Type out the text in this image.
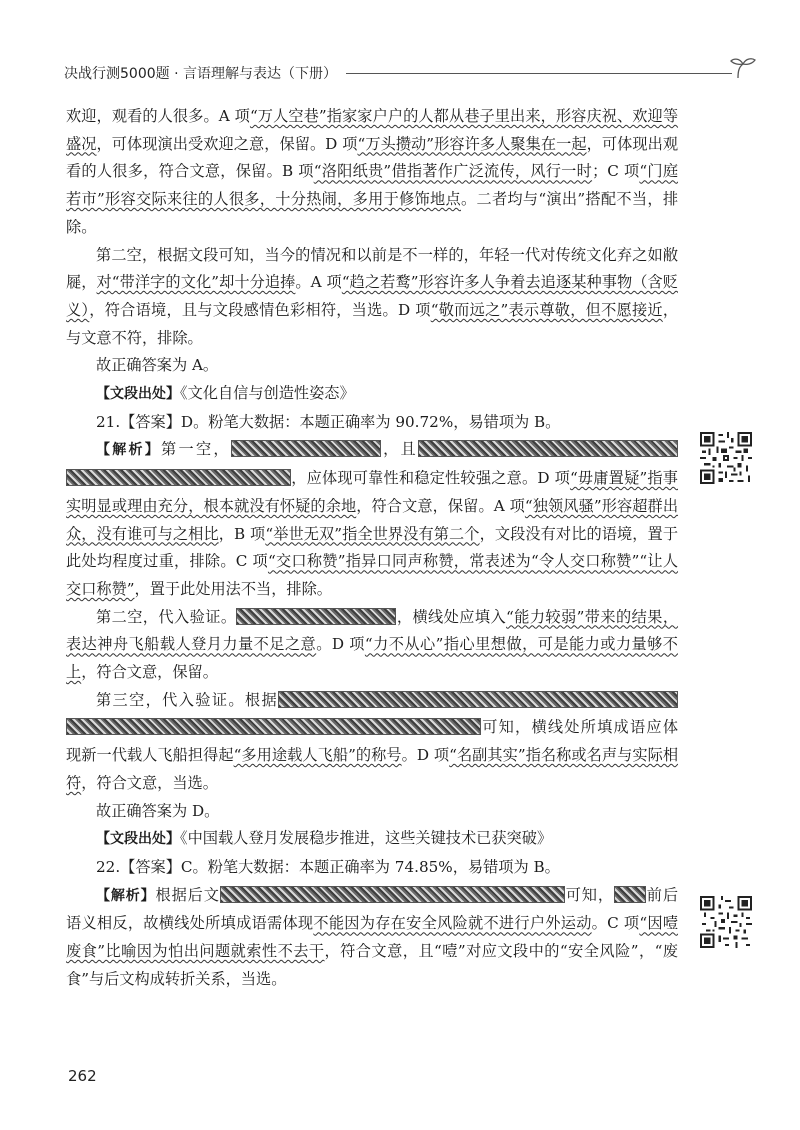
决战行测5000题 · 言语理解与表达（下册）

欢迎，观看的人很多。A 项“万人空巷”指家家户户的人都从巷子里出来，形容庆祝、欢迎等盛况，可体现演出受欢迎之意，保留。D 项“万头攒动”形容许多人聚集在一起，可体现出观看的人很多，符合文意，保留。B 项“洛阳纸贵”借指著作广泛流传，风行一时；C 项“门庭若市”形容交际来往的人很多，十分热闹，多用于修饰地点。二者均与“演出”搭配不当，排除。

第二空，根据文段可知，当今的情况和以前是不一样的，年轻一代对传统文化弃之如敝屣，对“带洋字的文化”却十分追捧。A 项“趋之若鹜”形容许多人争着去追逐某种事物（含贬义），符合语境，且与文段感情色彩相符，当选。D 项“敬而远之”表示尊敬，但不愿接近，与文意不符，排除。

故正确答案为 A。

【文段出处】《文化自信与创造性姿态》

21.【答案】D。粉笔大数据：本题正确率为 90.72%，易错项为 B。

【解析】第一空，	，且，应体现可靠性和稳定性较强之意。D 项“毋庸置疑”指事实明显或理由充分，根本就没有怀疑的余地，符合文意，保留。A 项“独领风骚”形容超群出众，没有谁可与之相比，B 项“举世无双”指全世界没有第二个，文段没有对比的语境，置于此处均程度过重，排除。C 项“交口称赞”指异口同声称赞，常表述为“令人交口称赞”“让人交口称赞”，置于此处用法不当，排除。

第二空，代入验证。	，横线处应填入“能力较弱”带来的结果，表达神舟飞船载人登月力量不足之意。D 项“力不从心”指心里想做，可是能力或力量够不上，符合文意，保留。

第三空，代入验证。根据可知，横线处所填成语应体现新一代载人飞船担得起“多用途载人飞船”的称号。D 项“名副其实”指名称或名声与实际相符，符合文意，当选。

故正确答案为 D。

【文段出处】《中国载人登月发展稳步推进，这些关键技术已获突破》

22.【答案】C。粉笔大数据：本题正确率为 74.85%，易错项为 B。

【解析】根据后文	可知， 前后语义相反，故横线处所填成语需体现不能因为存在安全风险就不进行户外运动。C 项“因噎废食”比喻因为怕出问题就索性不去干，符合文意，且“噎”对应文段中的“安全风险”，“废食”与后文构成转折关系，当选。

262
